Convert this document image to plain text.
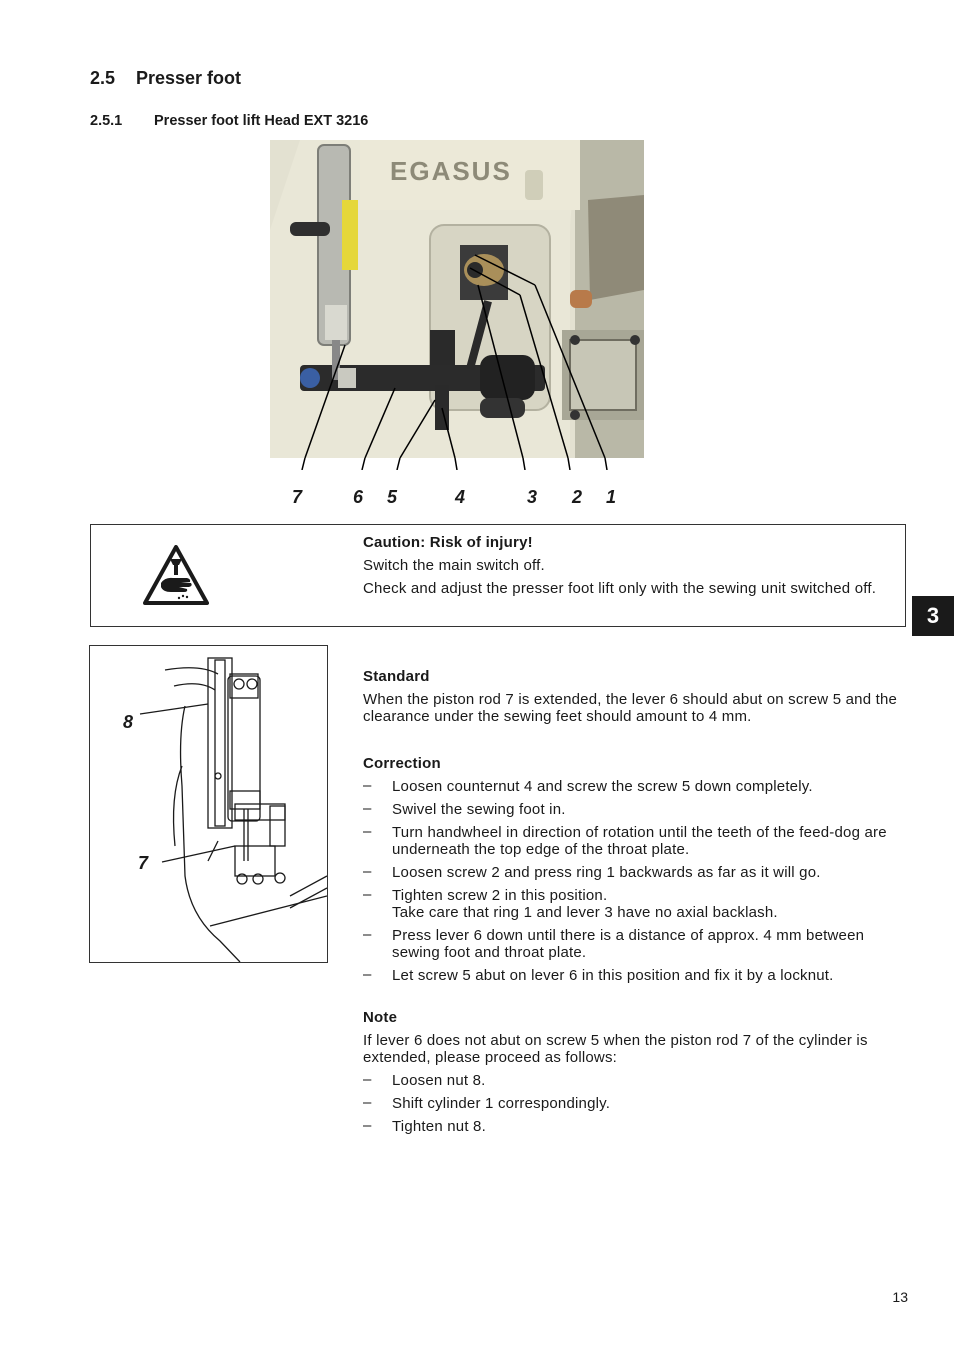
2.5 Presser foot
2.5.1 Presser foot lift Head EXT 3216
EGASUS
7	6 5	4	3 2 1
Caution: Risk of injury!
Switch the main switch off.
Check and adjust the presser foot lift only with the sewing unit switched off.
3
8
7
Standard
When the piston rod 7 is extended, the lever 6 should abut on screw 5 and the clearance under the sewing feet should amount to 4 mm.
Correction
– Loosen counternut 4 and screw the screw 5 down completely.
– Swivel the sewing foot in.
– Turn handwheel in direction of rotation until the teeth of the feed-dog are underneath the top edge of the throat plate.
– Loosen screw 2 and press ring 1 backwards as far as it will go.
– Tighten screw 2 in this position.
Take care that ring 1 and lever 3 have no axial backlash.
– Press lever 6 down until there is a distance of approx. 4 mm between sewing foot and throat plate.
– Let screw 5 abut on lever 6 in this position and fix it by a locknut.
Note
If lever 6 does not abut on screw 5 when the piston rod 7 of the cylinder is extended, please proceed as follows:
– Loosen nut 8.
– Shift cylinder 1 correspondingly.
– Tighten nut 8.
13
